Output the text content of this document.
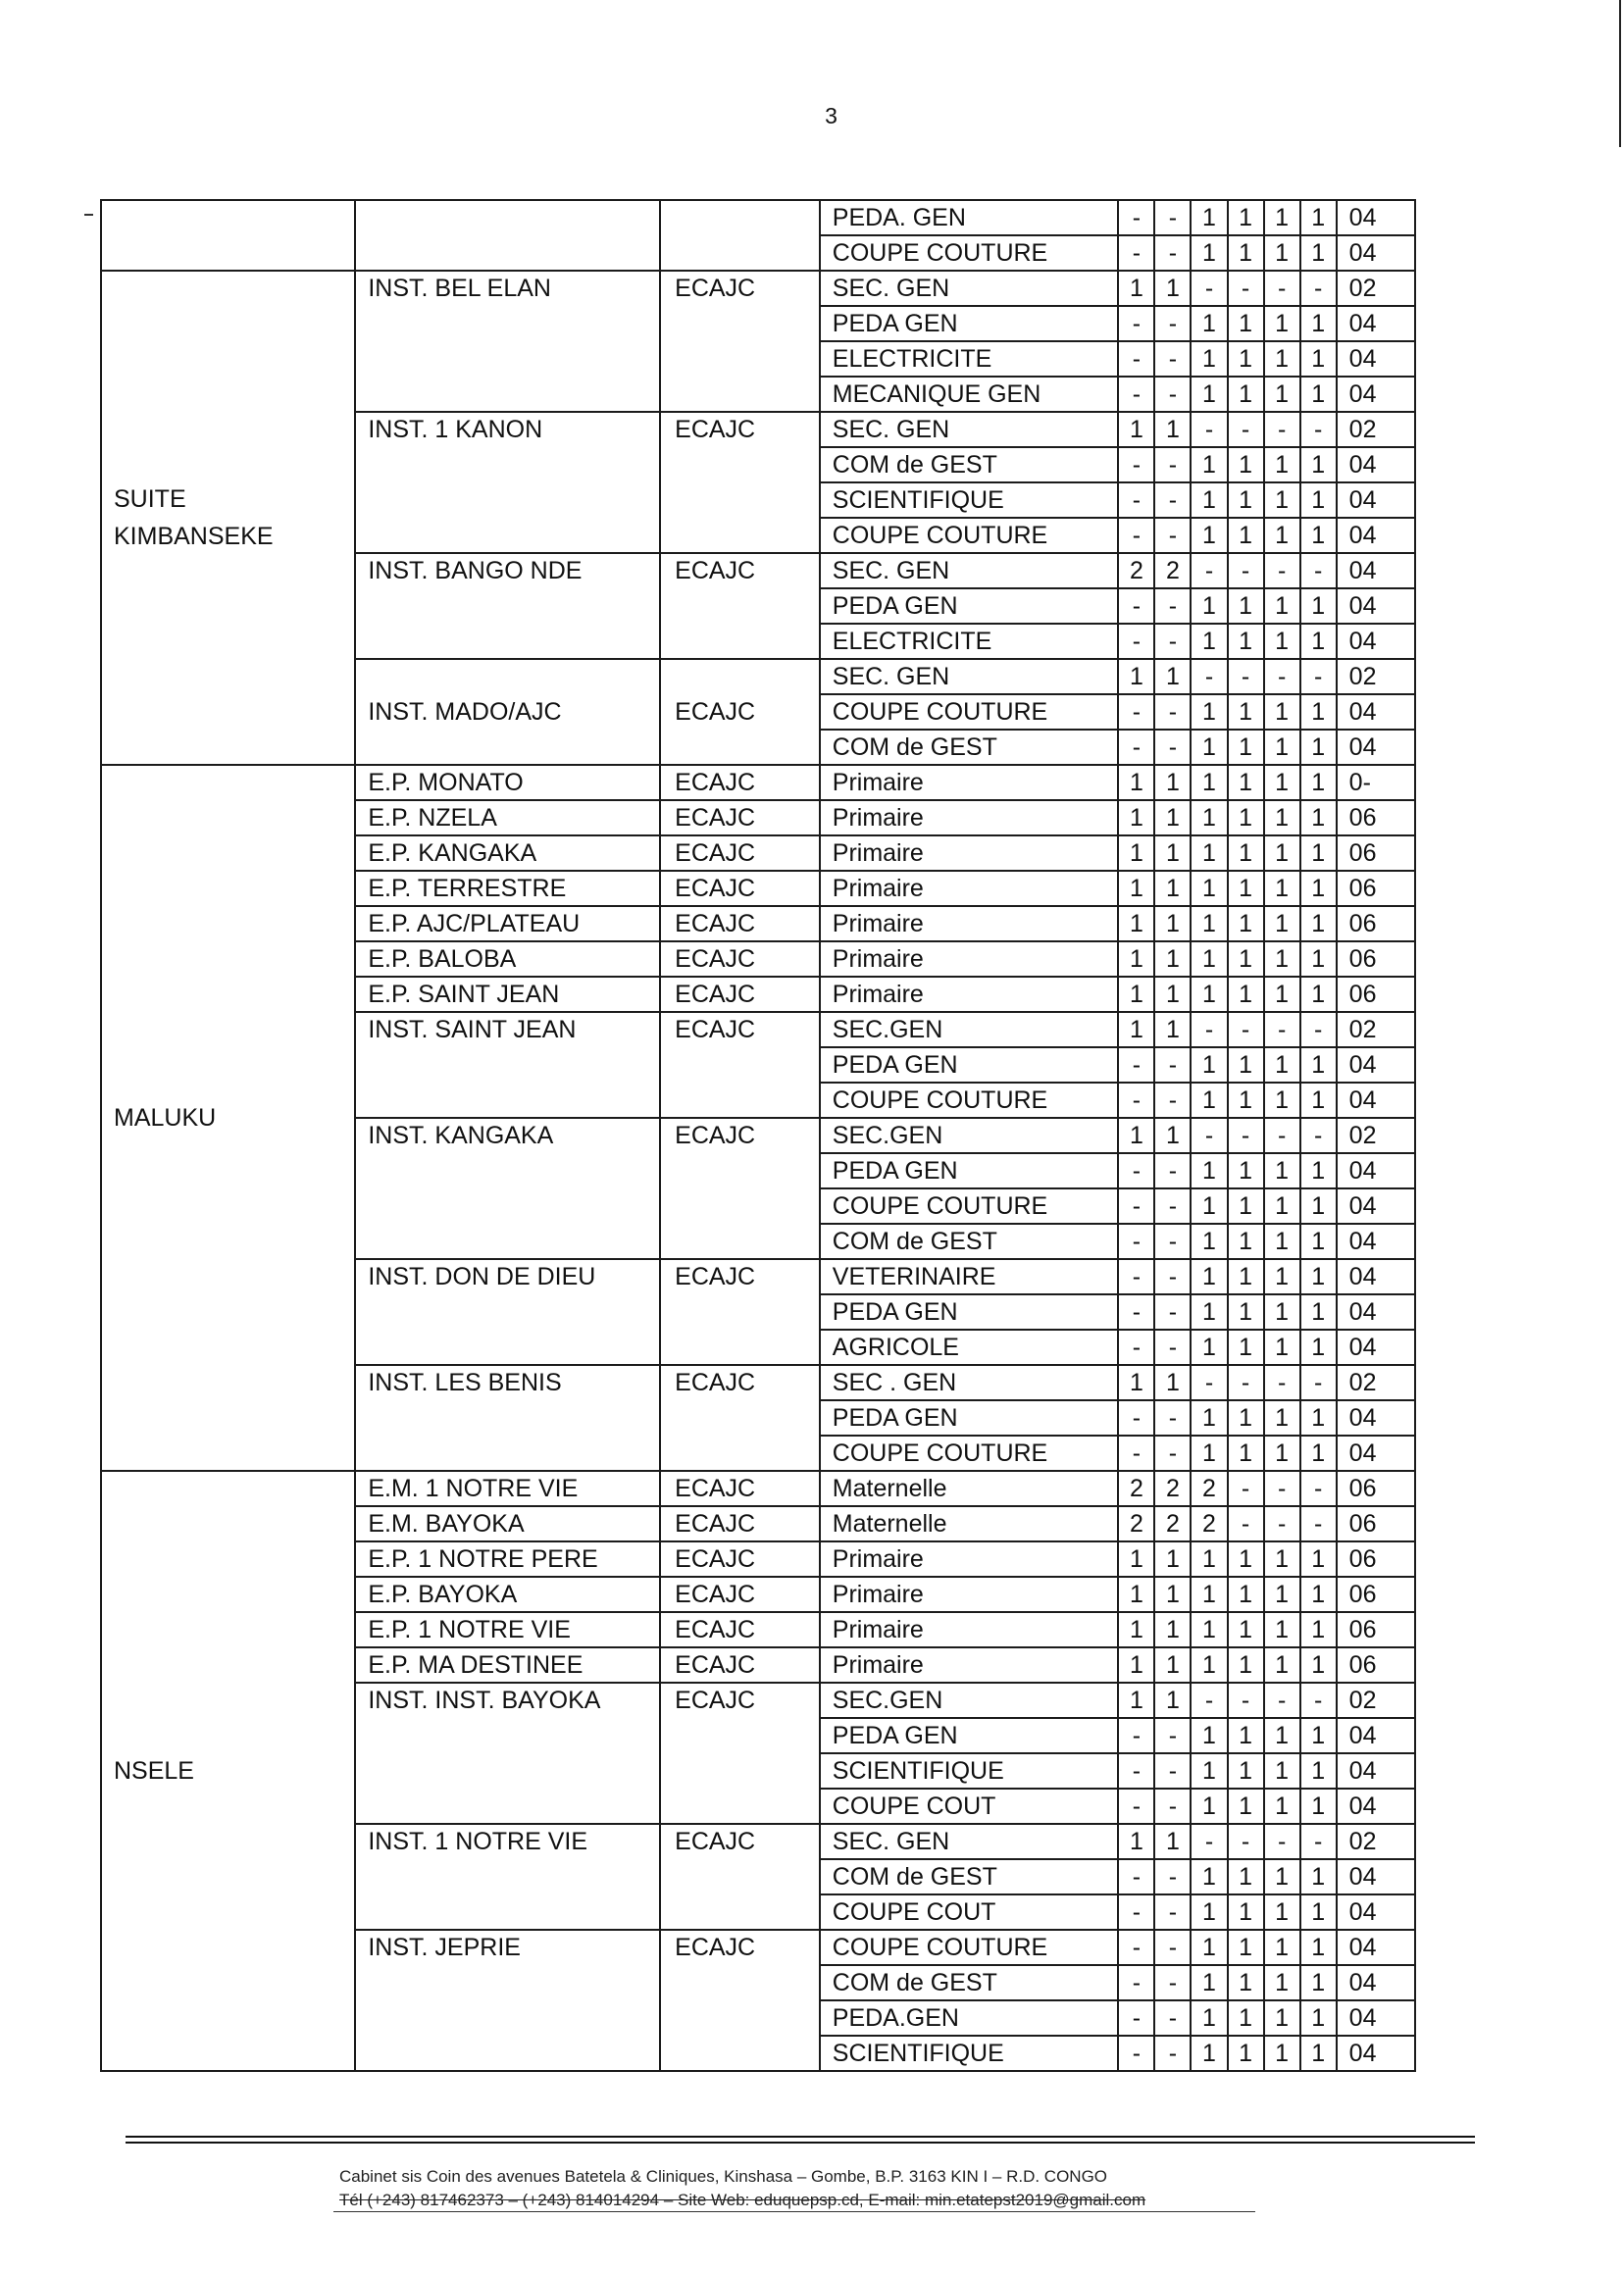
3
			PEDA. GEN	-	-	1	1	1	1	04
			COUPE COUTURE	-	-	1	1	1	1	04
SUITE
KIMBANSEKE	INST. BEL ELAN	ECAJC	SEC. GEN	1	1	-	-	-	-	02
			PEDA GEN	-	-	1	1	1	1	04
			ELECTRICITE	-	-	1	1	1	1	04
			MECANIQUE GEN	-	-	1	1	1	1	04
	INST. 1 KANON	ECAJC	SEC. GEN	1	1	-	-	-	-	02
			COM de GEST	-	-	1	1	1	1	04
			SCIENTIFIQUE	-	-	1	1	1	1	04
			COUPE COUTURE	-	-	1	1	1	1	04
	INST. BANGO NDE	ECAJC	SEC. GEN	2	2	-	-	-	-	04
			PEDA GEN	-	-	1	1	1	1	04
			ELECTRICITE	-	-	1	1	1	1	04
	INST. MADO/AJC	ECAJC	SEC. GEN	1	1	-	-	-	-	02
			COUPE COUTURE	-	-	1	1	1	1	04
			COM de GEST	-	-	1	1	1	1	04
MALUKU	E.P. MONATO	ECAJC	Primaire	1	1	1	1	1	1	0-
	E.P. NZELA	ECAJC	Primaire	1	1	1	1	1	1	06
	E.P. KANGAKA	ECAJC	Primaire	1	1	1	1	1	1	06
	E.P. TERRESTRE	ECAJC	Primaire	1	1	1	1	1	1	06
	E.P. AJC/PLATEAU	ECAJC	Primaire	1	1	1	1	1	1	06
	E.P. BALOBA	ECAJC	Primaire	1	1	1	1	1	1	06
	E.P. SAINT JEAN	ECAJC	Primaire	1	1	1	1	1	1	06
	INST. SAINT JEAN	ECAJC	SEC.GEN	1	1	-	-	-	-	02
			PEDA GEN	-	-	1	1	1	1	04
			COUPE COUTURE	-	-	1	1	1	1	04
	INST. KANGAKA	ECAJC	SEC.GEN	1	1	-	-	-	-	02
			PEDA GEN	-	-	1	1	1	1	04
			COUPE COUTURE	-	-	1	1	1	1	04
			COM de GEST	-	-	1	1	1	1	04
	INST. DON DE DIEU	ECAJC	VETERINAIRE	-	-	1	1	1	1	04
			PEDA GEN	-	-	1	1	1	1	04
			AGRICOLE	-	-	1	1	1	1	04
	INST. LES BENIS	ECAJC	SEC . GEN	1	1	-	-	-	-	02
			PEDA GEN	-	-	1	1	1	1	04
			COUPE COUTURE	-	-	1	1	1	1	04
NSELE	E.M. 1 NOTRE VIE	ECAJC	Maternelle	2	2	2	-	-	-	06
	E.M. BAYOKA	ECAJC	Maternelle	2	2	2	-	-	-	06
	E.P. 1 NOTRE PERE	ECAJC	Primaire	1	1	1	1	1	1	06
	E.P. BAYOKA	ECAJC	Primaire	1	1	1	1	1	1	06
	E.P. 1 NOTRE VIE	ECAJC	Primaire	1	1	1	1	1	1	06
	E.P. MA DESTINEE	ECAJC	Primaire	1	1	1	1	1	1	06
	INST. INST. BAYOKA	ECAJC	SEC.GEN	1	1	-	-	-	-	02
			PEDA GEN	-	-	1	1	1	1	04
			SCIENTIFIQUE	-	-	1	1	1	1	04
			COUPE COUT	-	-	1	1	1	1	04
	INST. 1 NOTRE VIE	ECAJC	SEC. GEN	1	1	-	-	-	-	02
			COM de GEST	-	-	1	1	1	1	04
			COUPE COUT	-	-	1	1	1	1	04
	INST. JEPRIE	ECAJC	COUPE COUTURE	-	-	1	1	1	1	04
			COM de GEST	-	-	1	1	1	1	04
			PEDA.GEN	-	-	1	1	1	1	04
			SCIENTIFIQUE	-	-	1	1	1	1	04
Cabinet sis Coin des avenues Batetela & Cliniques, Kinshasa – Gombe, B.P. 3163 KIN I – R.D. CONGO
Tél (+243) 817462373 – (+243) 814014294 – Site Web: eduquepsp.cd, E-mail: min.etatepst2019@gmail.com
